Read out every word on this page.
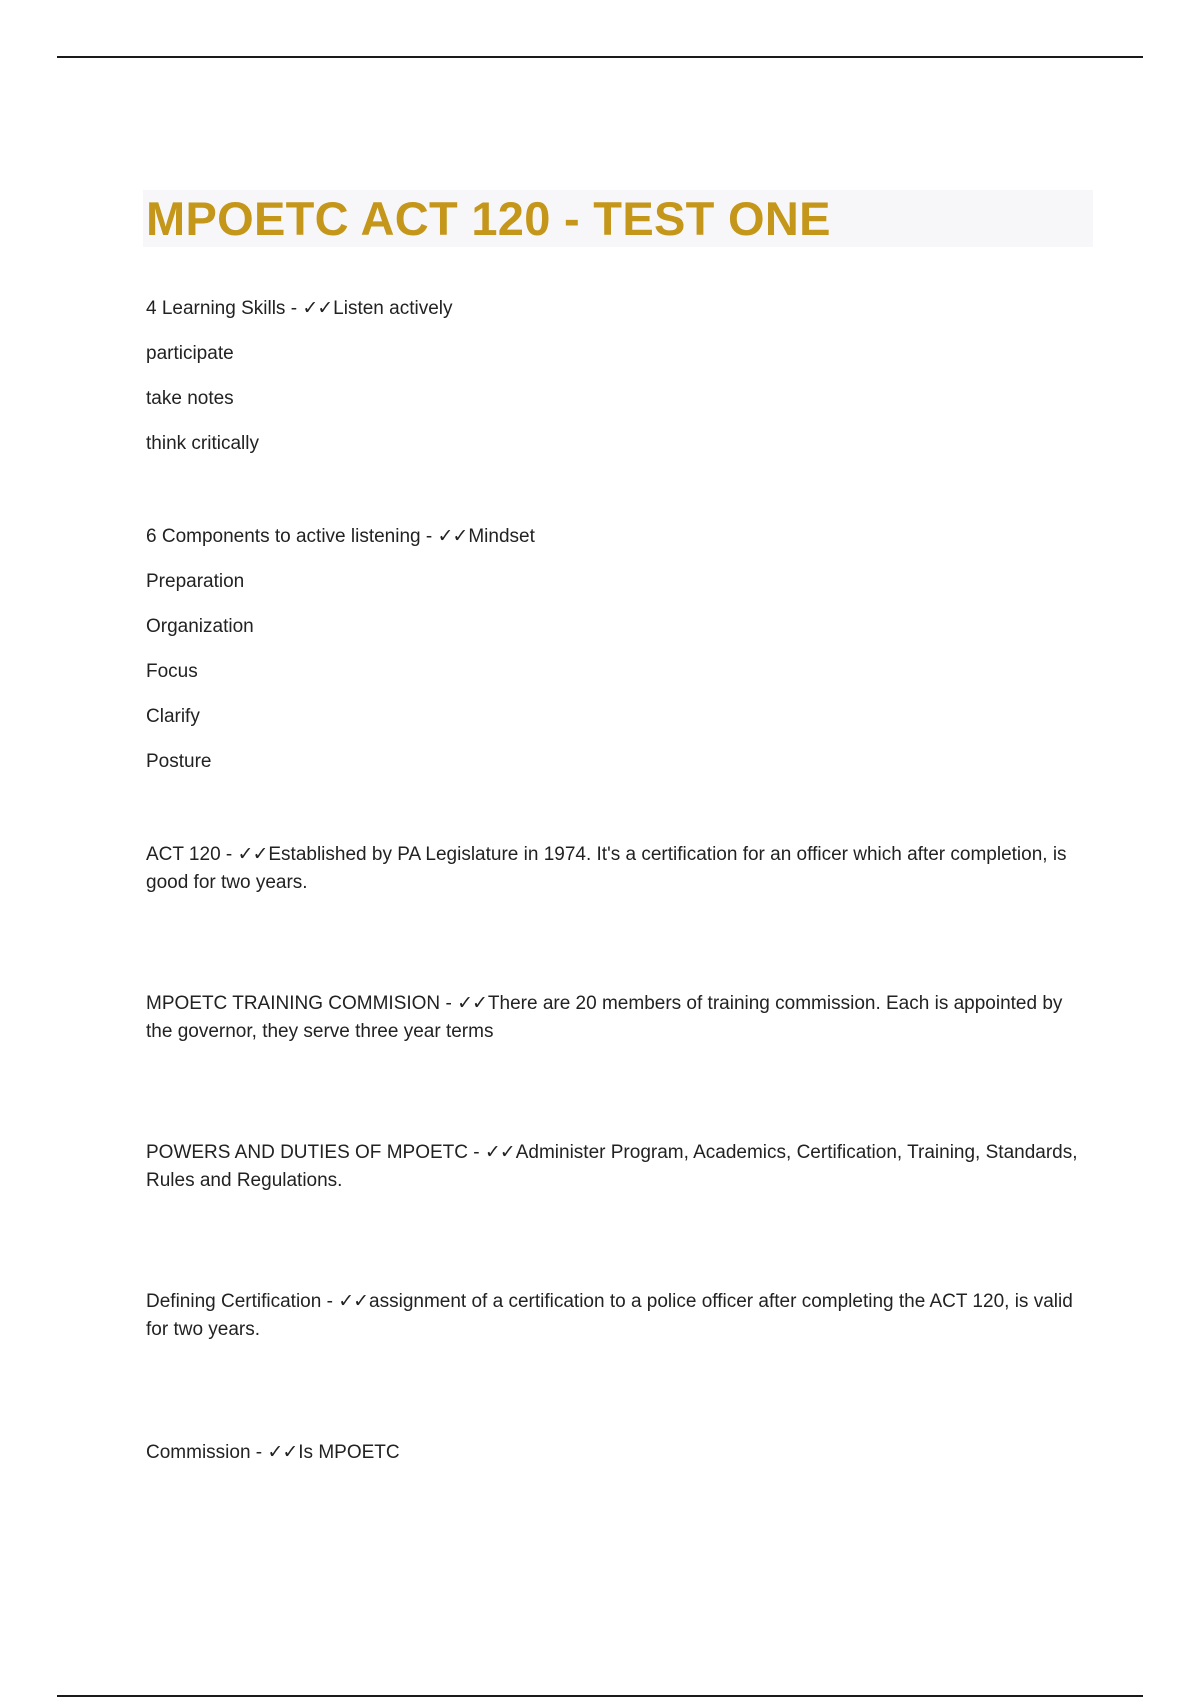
MPOETC ACT 120 - TEST ONE

4 Learning Skills - ✓✓Listen actively

participate

take notes

think critically

6 Components to active listening - ✓✓Mindset

Preparation

Organization

Focus

Clarify

Posture

ACT 120 - ✓✓Established by PA Legislature in 1974. It's a certification for an officer which after completion, is good for two years.

MPOETC TRAINING COMMISION - ✓✓There are 20 members of training commission. Each is appointed by the governor, they serve three year terms

POWERS AND DUTIES OF MPOETC - ✓✓Administer Program, Academics, Certification, Training, Standards, Rules and Regulations.

Defining Certification - ✓✓assignment of a certification to a police officer after completing the ACT 120, is valid for two years.

Commission - ✓✓Is MPOETC
